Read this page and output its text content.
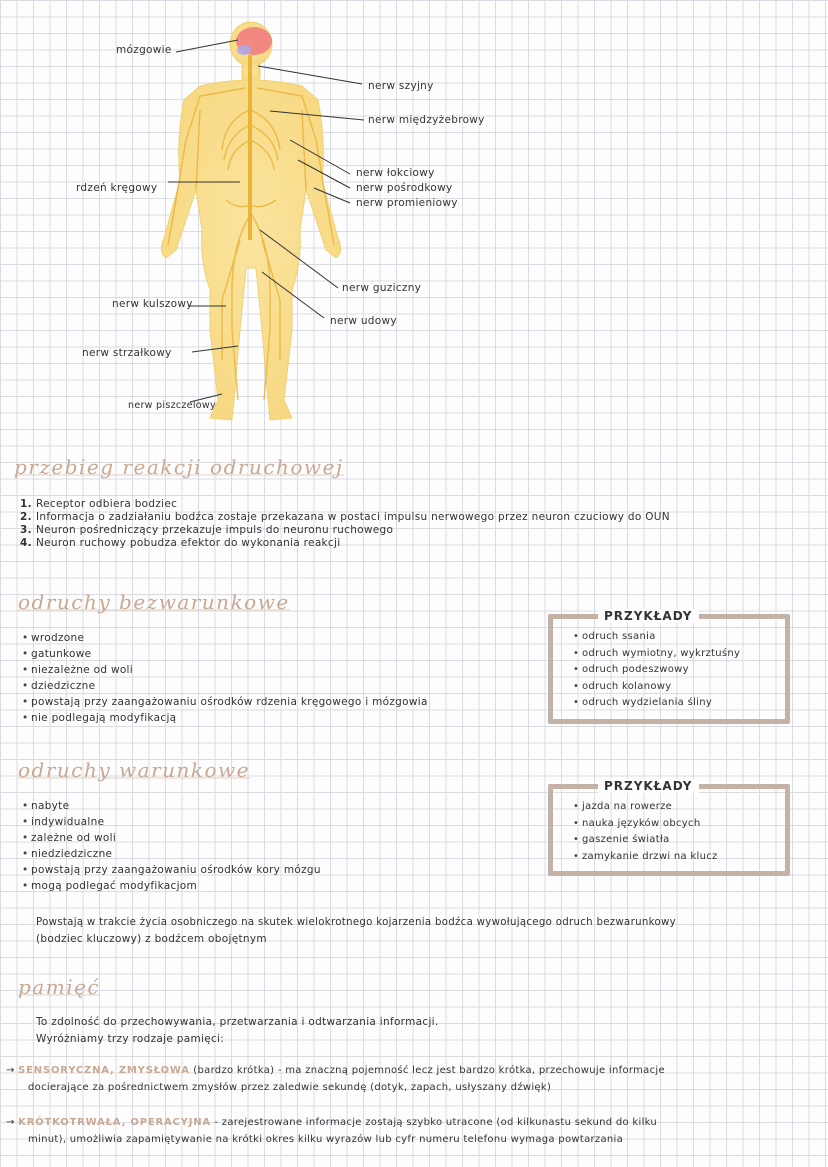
mózgowie
nerw szyjny
nerw międzyżebrowy
nerw łokciowy
nerw pośrodkowy
nerw promieniowy
rdzeń kręgowy
nerw guziczny
nerw udowy
nerw kulszowy
nerw strzałkowy
nerw piszczelowy
przebieg reakcji odruchowej
1. Receptor odbiera bodziec
2. Informacja o zadziałaniu bodźca zostaje przekazana w postaci impulsu nerwowego przez neuron czuciowy do OUN
3. Neuron pośredniczący przekazuje impuls do neuronu ruchowego
4. Neuron ruchowy pobudza efektor do wykonania reakcji
odruchy bezwarunkowe
• wrodzone
• gatunkowe
• niezależne od woli
• dziedziczne
• powstają przy zaangażowaniu ośrodków rdzenia kręgowego i mózgowia
• nie podlegają modyfikacją
• odruch ssania
• odruch wymiotny, wykrztuśny
• odruch podeszwowy
• odruch kolanowy
• odruch wydzielania śliny
PRZYKŁADY
odruchy warunkowe
• nabyte
• indywidualne
• zależne od woli
• niedziedziczne
• powstają przy zaangażowaniu ośrodków kory mózgu
• mogą podlegać modyfikacjom
• jazda na rowerze
• nauka języków obcych
• gaszenie światła
• zamykanie drzwi na klucz
PRZYKŁADY
Powstają w trakcie życia osobniczego na skutek wielokrotnego kojarzenia bodźca wywołującego odruch bezwarunkowy
(bodziec kluczowy) z bodźcem obojętnym
pamięć
To zdolność do przechowywania, przetwarzania i odtwarzania informacji.
Wyróżniamy trzy rodzaje pamięci:
→ SENSORYCZNA, ZMYSŁOWA (bardzo krótka) - ma znaczną pojemność lecz jest bardzo krótka, przechowuje informacje
docierające za pośrednictwem zmysłów przez zaledwie sekundę (dotyk, zapach, usłyszany dźwięk)
→ KRÓTKOTRWAŁA, OPERACYJNA - zarejestrowane informacje zostają szybko utracone (od kilkunastu sekund do kilku
minut), umożliwia zapamiętywanie na krótki okres kilku wyrazów lub cyfr numeru telefonu wymaga powtarzania
